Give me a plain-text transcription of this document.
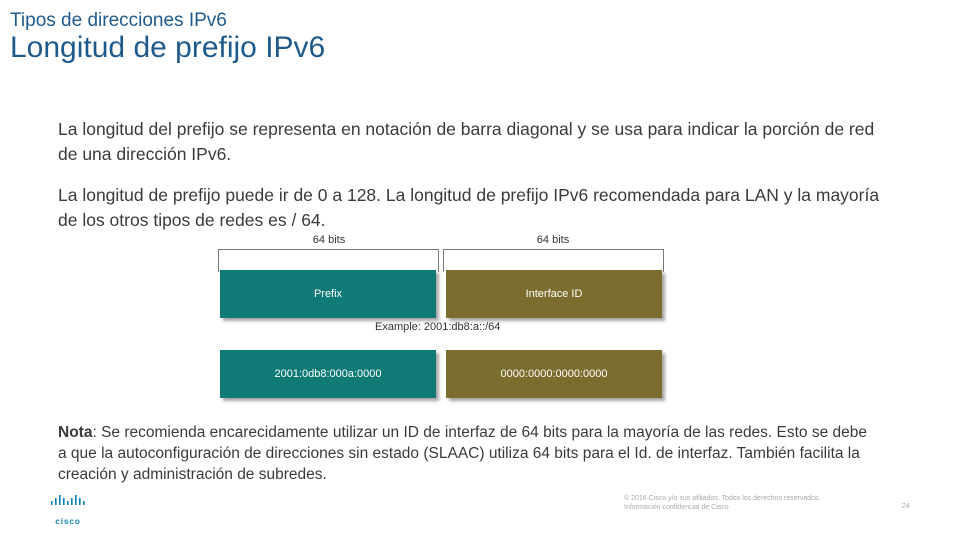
Tipos de direcciones IPv6
Longitud de prefijo IPv6

La longitud del prefijo se representa en notación de barra diagonal y se usa para indicar la porción de red de una dirección IPv6.

La longitud de prefijo puede ir de 0 a 128. La longitud de prefijo IPv6 recomendada para LAN y la mayoría de los otros tipos de redes es / 64.

64 bits	64 bits
Prefix	Interface ID
Example: 2001:db8:a::/64
2001:0db8:000a:0000	0000:0000:0000:0000

Nota: Se recomienda encarecidamente utilizar un ID de interfaz de 64 bits para la mayoría de las redes. Esto se debe a que la autoconfiguración de direcciones sin estado (SLAAC) utiliza 64 bits para el Id. de interfaz. También facilita la creación y administración de subredes.

cisco
© 2016 Cisco y/o sus afiliados. Todos los derechos reservados.
Información confidencial de Cisco	24
